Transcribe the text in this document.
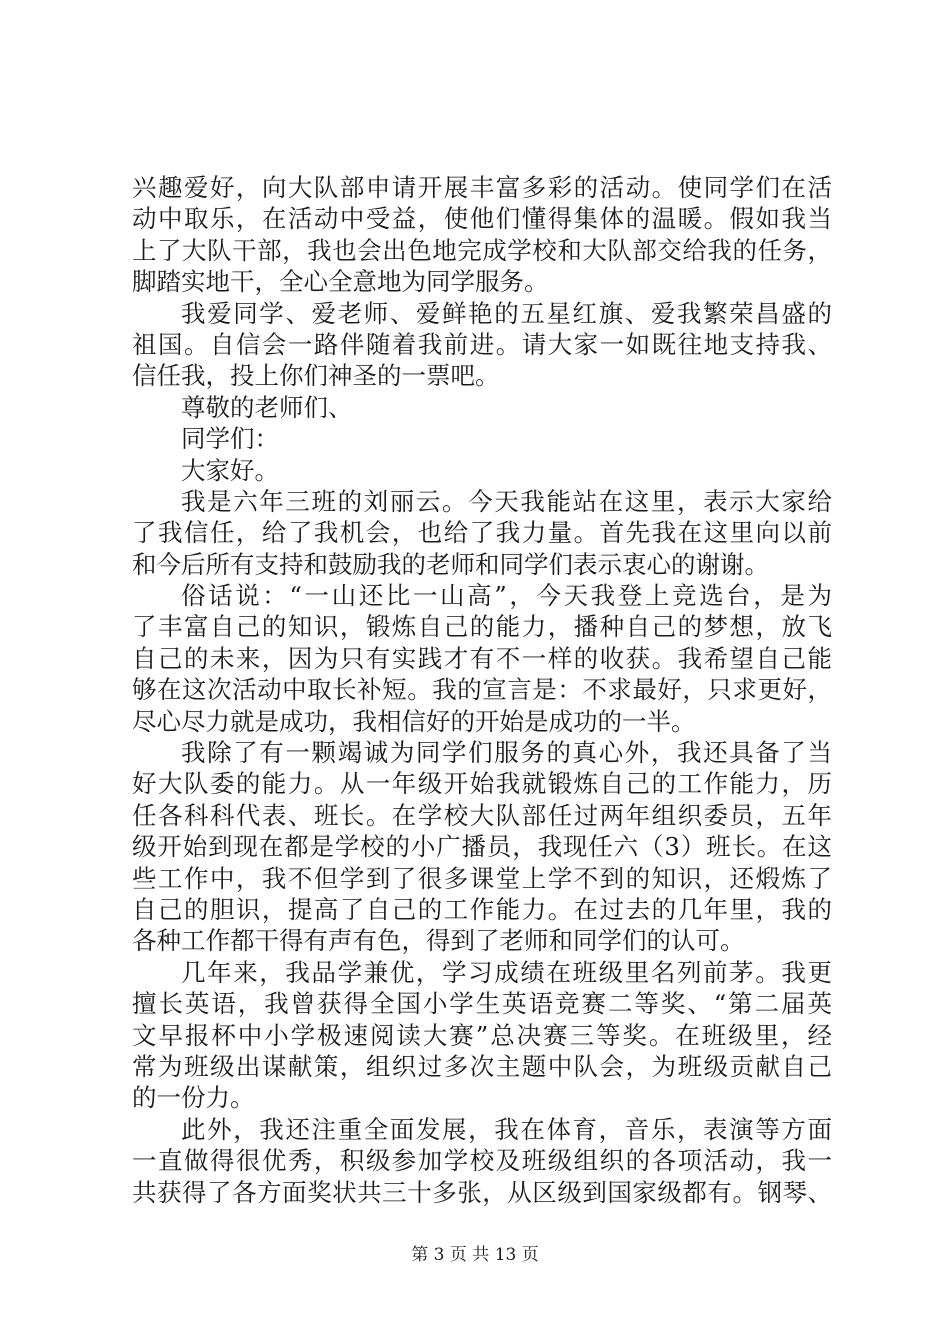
兴趣爱好，向大队部申请开展丰富多彩的活动。使同学们在活
动中取乐，在活动中受益，使他们懂得集体的温暖。假如我当
上了大队干部，我也会出色地完成学校和大队部交给我的任务，
脚踏实地干，全心全意地为同学服务。
我爱同学、爱老师、爱鲜艳的五星红旗、爱我繁荣昌盛的
祖国。自信会一路伴随着我前进。请大家一如既往地支持我、
信任我，投上你们神圣的一票吧。
尊敬的老师们、
同学们：
大家好。
我是六年三班的刘丽云。今天我能站在这里，表示大家给
了我信任，给了我机会，也给了我力量。首先我在这里向以前
和今后所有支持和鼓励我的老师和同学们表示衷心的谢谢。
俗话说：“一山还比一山高”，今天我登上竞选台，是为
了丰富自己的知识，锻炼自己的能力，播种自己的梦想，放飞
自己的未来，因为只有实践才有不一样的收获。我希望自己能
够在这次活动中取长补短。我的宣言是：不求最好，只求更好，
尽心尽力就是成功，我相信好的开始是成功的一半。
我除了有一颗竭诚为同学们服务的真心外，我还具备了当
好大队委的能力。从一年级开始我就锻炼自己的工作能力，历
任各科科代表、班长。在学校大队部任过两年组织委员，五年
级开始到现在都是学校的小广播员，我现任六（3）班长。在这
些工作中，我不但学到了很多课堂上学不到的知识，还煅炼了
自己的胆识，提高了自己的工作能力。在过去的几年里，我的
各种工作都干得有声有色，得到了老师和同学们的认可。
几年来，我品学兼优，学习成绩在班级里名列前茅。我更
擅长英语，我曾获得全国小学生英语竞赛二等奖、“第二届英
文早报杯中小学极速阅读大赛”总决赛三等奖。在班级里，经
常为班级出谋献策，组织过多次主题中队会，为班级贡献自己
的一份力。
此外，我还注重全面发展，我在体育，音乐，表演等方面
一直做得很优秀，积级参加学校及班级组织的各项活动，我一
共获得了各方面奖状共三十多张，从区级到国家级都有。钢琴、
第 3 页 共 13 页
